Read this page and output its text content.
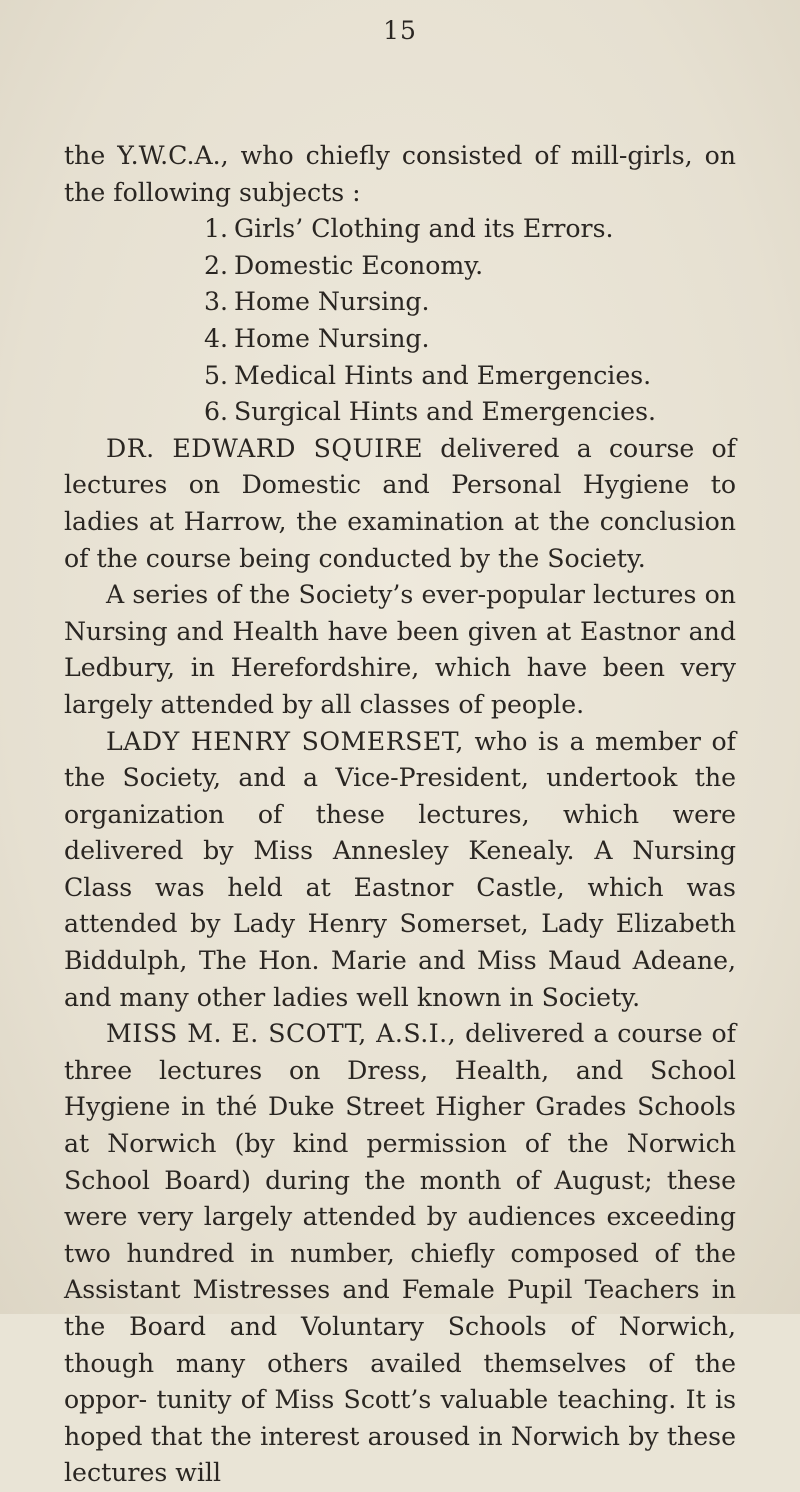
15

the Y.W.C.A., who chiefly consisted of mill-girls, on the following subjects :

1. Girls’ Clothing and its Errors.
2. Domestic Economy.
3. Home Nursing.
4. Home Nursing.
5. Medical Hints and Emergencies.
6. Surgical Hints and Emergencies.

DR. EDWARD SQUIRE delivered a course of lectures on Domestic and Personal Hygiene to ladies at Harrow, the examination at the conclusion of the course being conducted by the Society.

A series of the Society’s ever-popular lectures on Nursing and Health have been given at Eastnor and Ledbury, in Herefordshire, which have been very largely attended by all classes of people.

LADY HENRY SOMERSET, who is a member of the Society, and a Vice-President, undertook the organization of these lectures, which were delivered by Miss Annesley Kenealy. A Nursing Class was held at Eastnor Castle, which was attended by Lady Henry Somerset, Lady Elizabeth Biddulph, The Hon. Marie and Miss Maud Adeane, and many other ladies well known in Society.

MISS M. E. SCOTT, A.S.I., delivered a course of three lectures on Dress, Health, and School Hygiene in thé Duke Street Higher Grades Schools at Norwich (by kind permission of the Norwich School Board) during the month of August; these were very largely attended by audiences exceeding two hundred in number, chiefly composed of the Assistant Mistresses and Female Pupil Teachers in the Board and Voluntary Schools of Norwich, though many others availed themselves of the oppor- tunity of Miss Scott’s valuable teaching. It is hoped that the interest aroused in Norwich by these lectures will
